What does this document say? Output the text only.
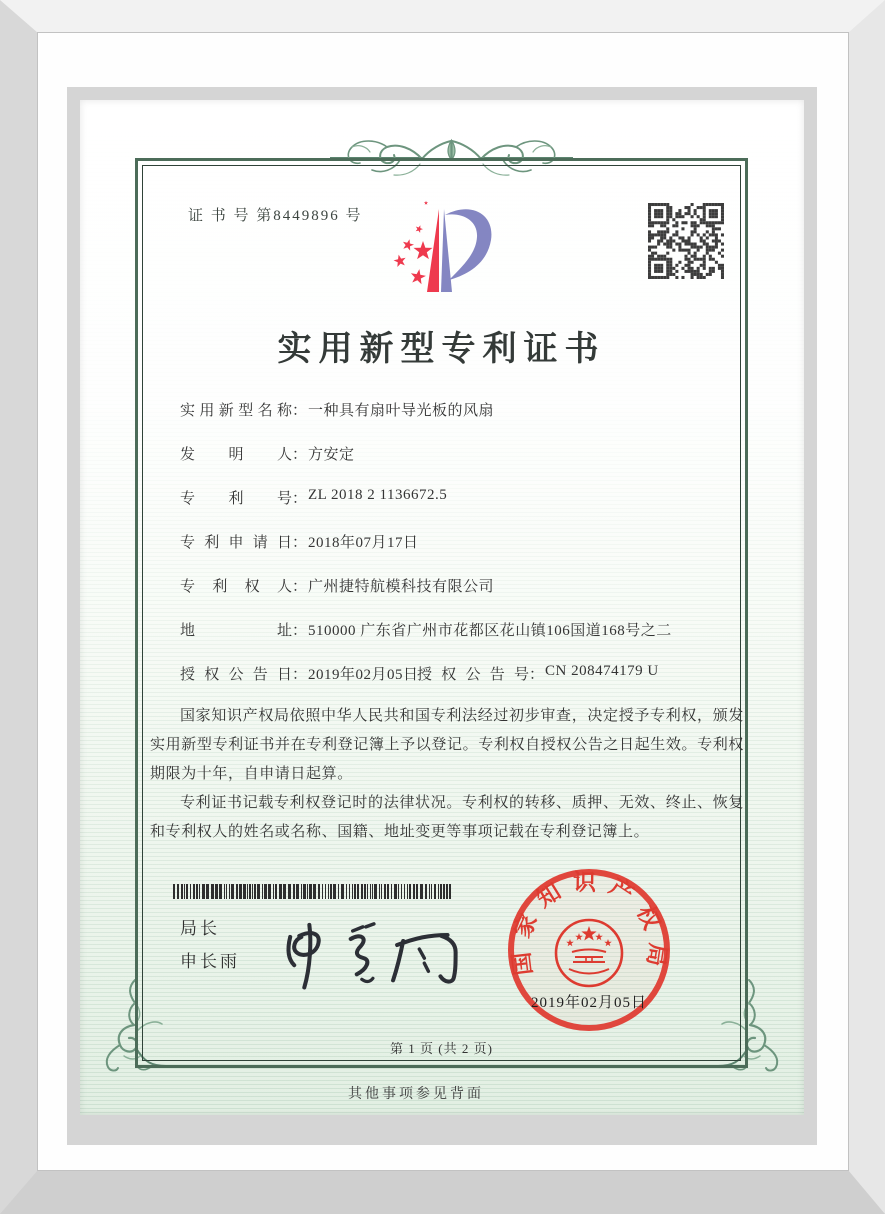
证 书 号 第8449896 号
实用新型专利证书
实用新型名称：一种具有扇叶导光板的风扇
发明人：方安定
专利号：ZL 2018 2 1136672.5
专利申请日：2018年07月17日
专利权人：广州捷特航模科技有限公司
地址：510000 广东省广州市花都区花山镇106国道168号之二
授权公告日：2019年02月05日
授权公告号：CN 208474179 U

国家知识产权局依照中华人民共和国专利法经过初步审查，决定授予专利权，颁发实用新型专利证书并在专利登记簿上予以登记。专利权自授权公告之日起生效。专利权期限为十年，自申请日起算。

专利证书记载专利权登记时的法律状况。专利权的转移、质押、无效、终止、恢复和专利权人的姓名或名称、国籍、地址变更等事项记载在专利登记簿上。

局长
申长雨	国家知识产权局
2019年02月05日
第 1 页 (共 2 页)
其他事项参见背面
